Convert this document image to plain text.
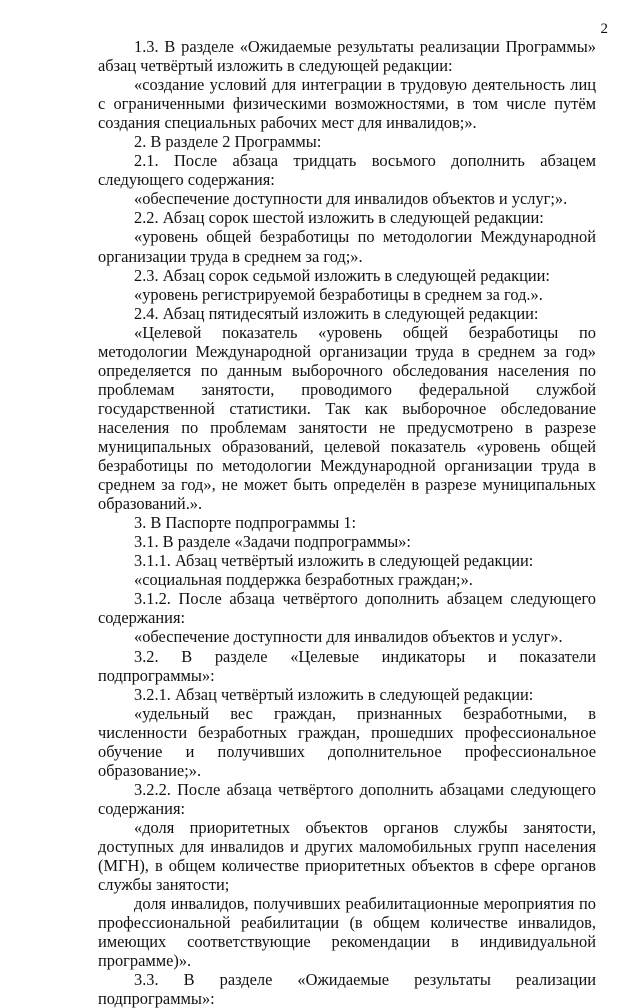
2

1.3. В разделе «Ожидаемые результаты реализации Программы» абзац четвёртый изложить в следующей редакции:

«создание условий для интеграции в трудовую деятельность лиц с ограниченными физическими возможностями, в том числе путём создания специальных рабочих мест для инвалидов;».

2. В разделе 2 Программы:

2.1. После абзаца тридцать восьмого дополнить абзацем следующего содержания:

«обеспечение доступности для инвалидов объектов и услуг;».

2.2. Абзац сорок шестой изложить в следующей редакции:

«уровень общей безработицы по методологии Международной организации труда в среднем за год;».

2.3. Абзац сорок седьмой изложить в следующей редакции:

«уровень регистрируемой безработицы в среднем за год.».

2.4. Абзац пятидесятый изложить в следующей редакции:

«Целевой показатель «уровень общей безработицы по методологии Международной организации труда в среднем за год» определяется по данным выборочного обследования населения по проблемам занятости, проводимого федеральной службой государственной статистики. Так как выборочное обследование населения по проблемам занятости не предусмотрено в разрезе муниципальных образований, целевой показатель «уровень общей безработицы по методологии Международной организации труда в среднем за год», не может быть определён в разрезе муниципальных образований.».

3. В Паспорте подпрограммы 1:

3.1. В разделе «Задачи подпрограммы»:

3.1.1. Абзац четвёртый изложить в следующей редакции:

«социальная поддержка безработных граждан;».

3.1.2. После абзаца четвёртого дополнить абзацем следующего содержания:

«обеспечение доступности для инвалидов объектов и услуг».

3.2. В разделе «Целевые индикаторы и показатели подпрограммы»:

3.2.1. Абзац четвёртый изложить в следующей редакции:

«удельный вес граждан, признанных безработными, в численности безработных граждан, прошедших профессиональное обучение и получивших дополнительное профессиональное образование;».

3.2.2. После абзаца четвёртого дополнить абзацами следующего содержания:

«доля приоритетных объектов органов службы занятости, доступных для инвалидов и других маломобильных групп населения (МГН), в общем количестве приоритетных объектов в сфере органов службы занятости;

доля инвалидов, получивших реабилитационные мероприятия по профессиональной реабилитации (в общем количестве инвалидов, имеющих соответствующие рекомендации в индивидуальной программе)».

3.3. В разделе «Ожидаемые результаты реализации подпрограммы»:
